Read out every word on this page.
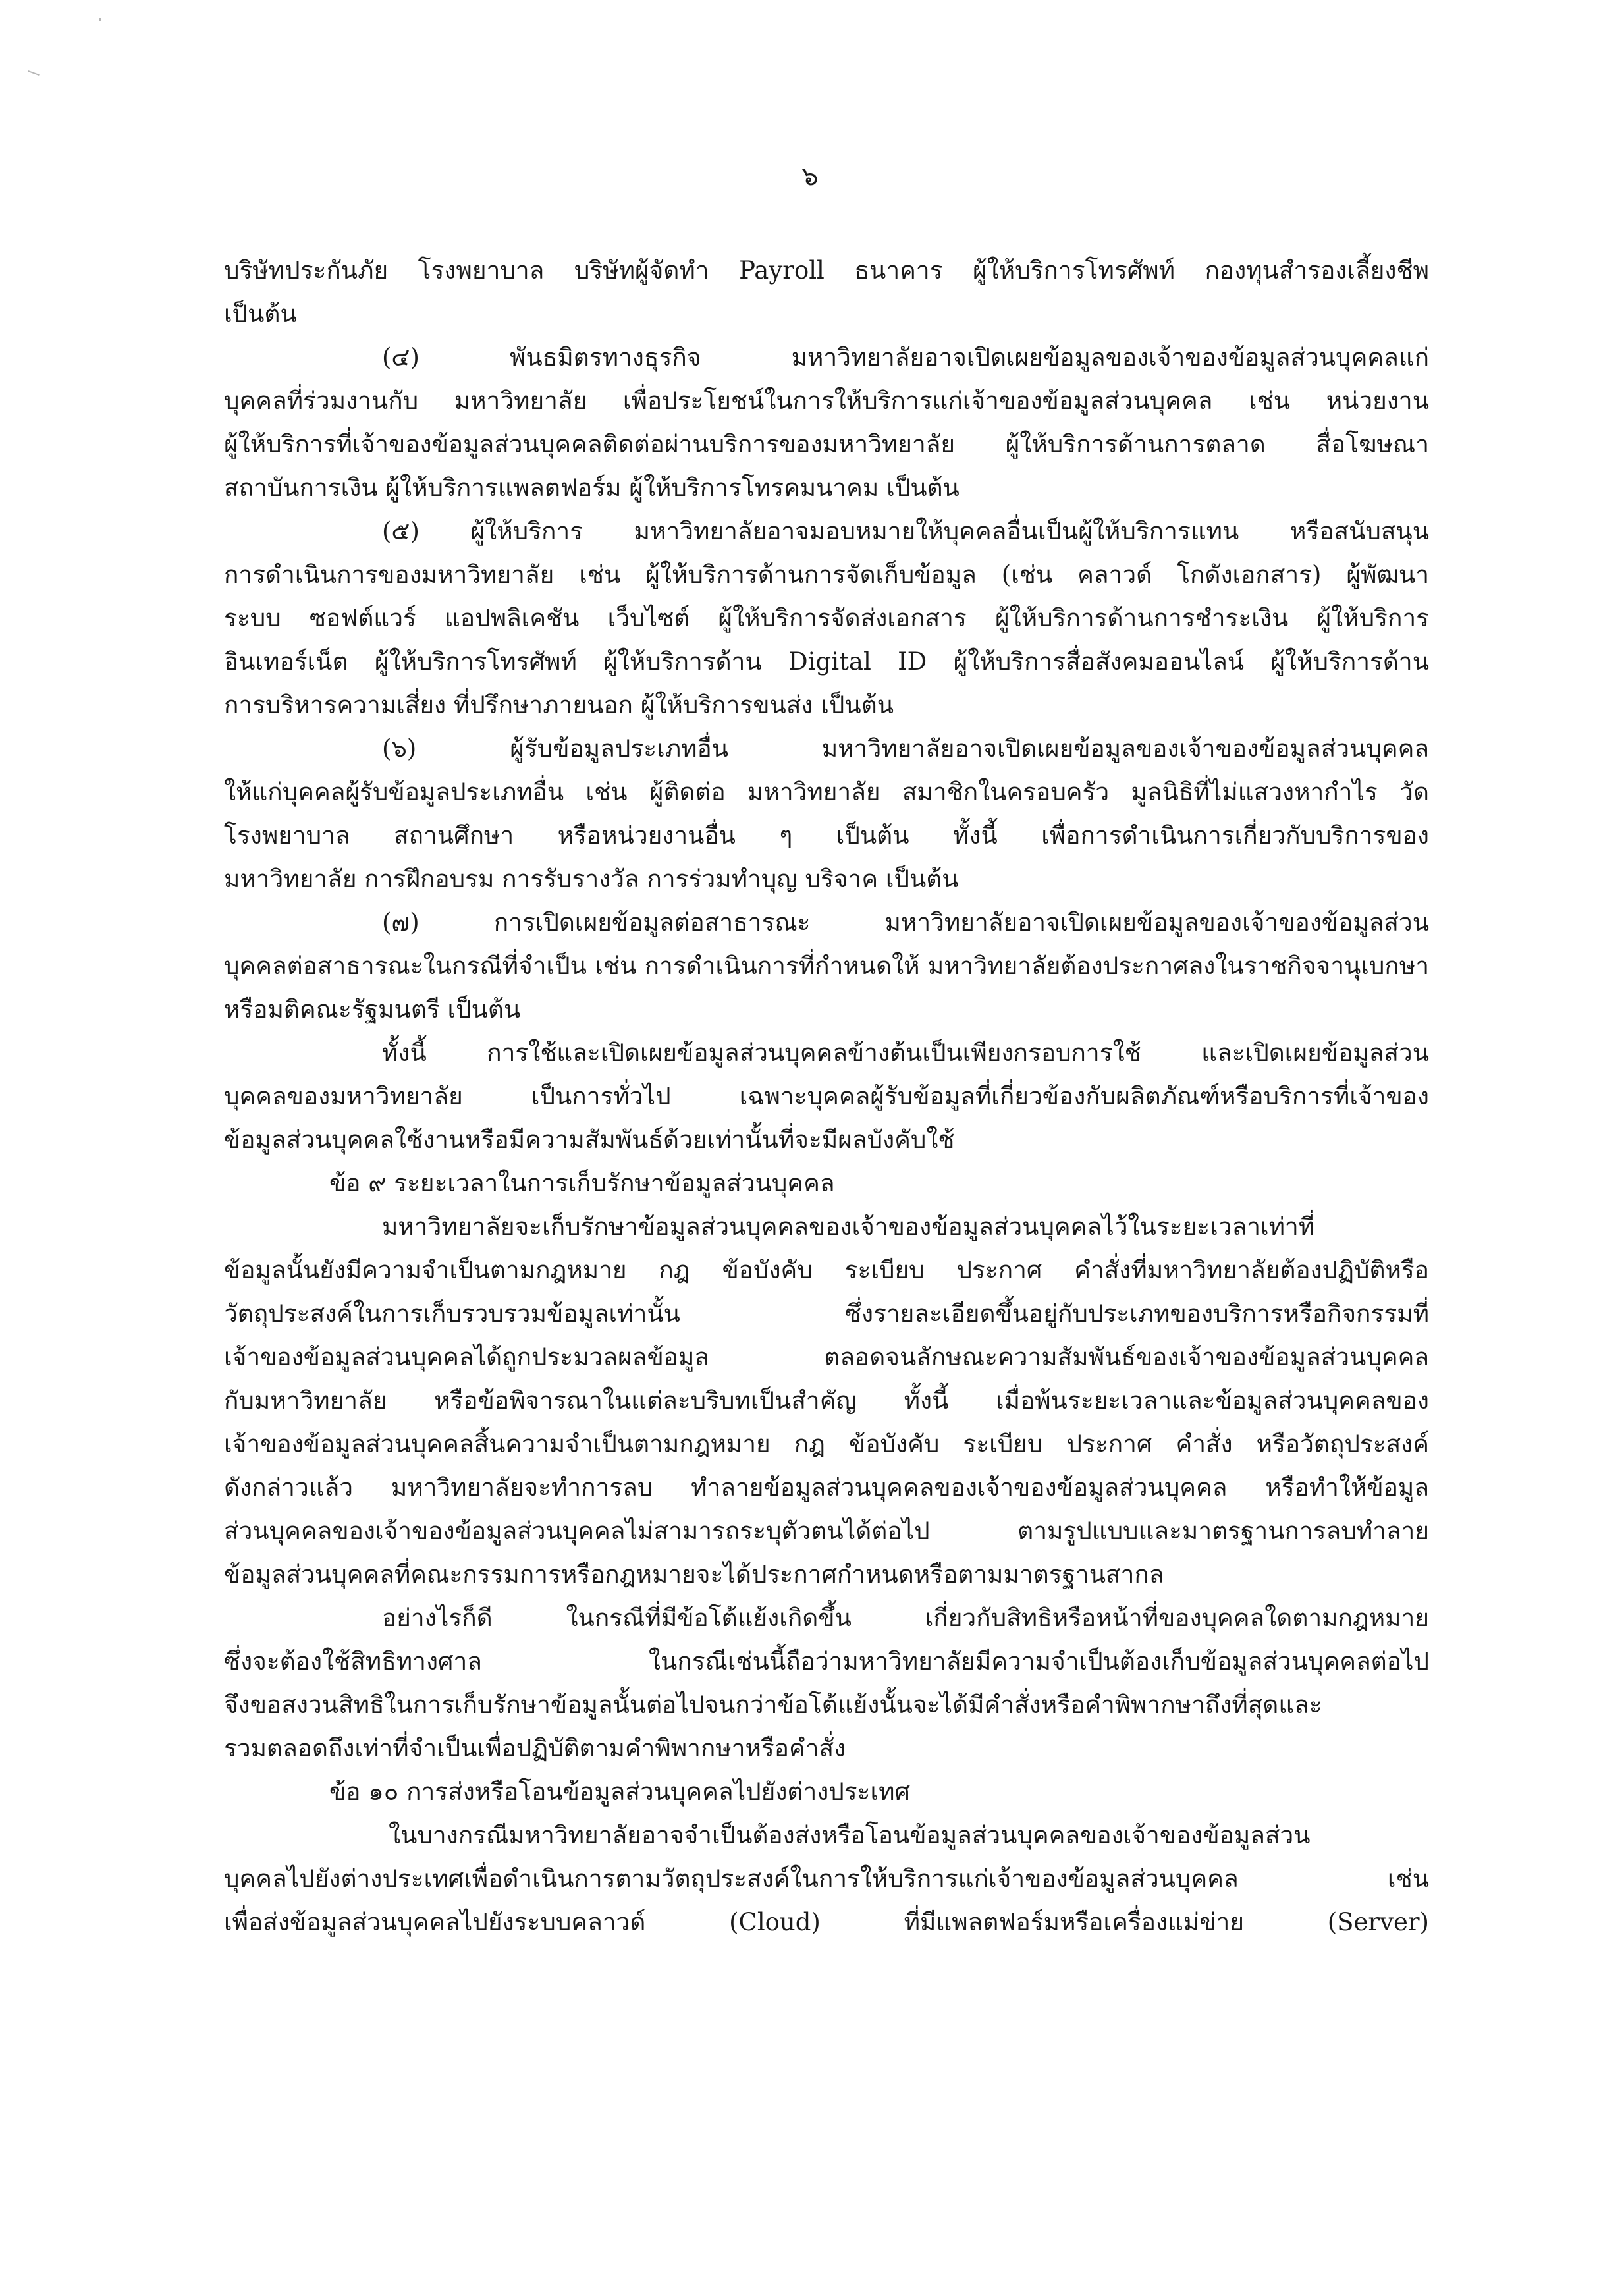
๖
บริษัทประกันภัย โรงพยาบาล บริษัทผู้จัดทำ Payroll ธนาคาร ผู้ให้บริการโทรศัพท์ กองทุนสำรองเลี้ยงชีพ
เป็นต้น
(๔) พันธมิตรทางธุรกิจ มหาวิทยาลัยอาจเปิดเผยข้อมูลของเจ้าของข้อมูลส่วนบุคคลแก่
บุคคลที่ร่วมงานกับ มหาวิทยาลัย เพื่อประโยชน์ในการให้บริการแก่เจ้าของข้อมูลส่วนบุคคล เช่น หน่วยงาน
ผู้ให้บริการที่เจ้าของข้อมูลส่วนบุคคลติดต่อผ่านบริการของมหาวิทยาลัย ผู้ให้บริการด้านการตลาด สื่อโฆษณา
สถาบันการเงิน ผู้ให้บริการแพลตฟอร์ม ผู้ให้บริการโทรคมนาคม เป็นต้น
(๕) ผู้ให้บริการ มหาวิทยาลัยอาจมอบหมายให้บุคคลอื่นเป็นผู้ให้บริการแทน หรือสนับสนุน
การดำเนินการของมหาวิทยาลัย เช่น ผู้ให้บริการด้านการจัดเก็บข้อมูล (เช่น คลาวด์ โกดังเอกสาร) ผู้พัฒนา
ระบบ ซอฟต์แวร์ แอปพลิเคชัน เว็บไซต์ ผู้ให้บริการจัดส่งเอกสาร ผู้ให้บริการด้านการชำระเงิน ผู้ให้บริการ
อินเทอร์เน็ต ผู้ให้บริการโทรศัพท์ ผู้ให้บริการด้าน Digital ID ผู้ให้บริการสื่อสังคมออนไลน์ ผู้ให้บริการด้าน
การบริหารความเสี่ยง ที่ปรึกษาภายนอก ผู้ให้บริการขนส่ง เป็นต้น
(๖) ผู้รับข้อมูลประเภทอื่น มหาวิทยาลัยอาจเปิดเผยข้อมูลของเจ้าของข้อมูลส่วนบุคคล
ให้แก่บุคคลผู้รับข้อมูลประเภทอื่น เช่น ผู้ติดต่อ มหาวิทยาลัย สมาชิกในครอบครัว มูลนิธิที่ไม่แสวงหากำไร วัด
โรงพยาบาล สถานศึกษา หรือหน่วยงานอื่น ๆ เป็นต้น ทั้งนี้ เพื่อการดำเนินการเกี่ยวกับบริการของ
มหาวิทยาลัย การฝึกอบรม การรับรางวัล การร่วมทำบุญ บริจาค เป็นต้น
(๗) การเปิดเผยข้อมูลต่อสาธารณะ มหาวิทยาลัยอาจเปิดเผยข้อมูลของเจ้าของข้อมูลส่วน
บุคคลต่อสาธารณะในกรณีที่จำเป็น เช่น การดำเนินการที่กำหนดให้ มหาวิทยาลัยต้องประกาศลงในราชกิจจานุเบกษา
หรือมติคณะรัฐมนตรี เป็นต้น
ทั้งนี้ การใช้และเปิดเผยข้อมูลส่วนบุคคลข้างต้นเป็นเพียงกรอบการใช้ และเปิดเผยข้อมูลส่วน
บุคคลของมหาวิทยาลัย เป็นการทั่วไป เฉพาะบุคคลผู้รับข้อมูลที่เกี่ยวข้องกับผลิตภัณฑ์หรือบริการที่เจ้าของ
ข้อมูลส่วนบุคคลใช้งานหรือมีความสัมพันธ์ด้วยเท่านั้นที่จะมีผลบังคับใช้
ข้อ ๙ ระยะเวลาในการเก็บรักษาข้อมูลส่วนบุคคล
มหาวิทยาลัยจะเก็บรักษาข้อมูลส่วนบุคคลของเจ้าของข้อมูลส่วนบุคคลไว้ในระยะเวลาเท่าที่
ข้อมูลนั้นยังมีความจำเป็นตามกฎหมาย กฎ ข้อบังคับ ระเบียบ ประกาศ คำสั่งที่มหาวิทยาลัยต้องปฏิบัติหรือ
วัตถุประสงค์ในการเก็บรวบรวมข้อมูลเท่านั้น ซึ่งรายละเอียดขึ้นอยู่กับประเภทของบริการหรือกิจกรรมที่
เจ้าของข้อมูลส่วนบุคคลได้ถูกประมวลผลข้อมูล ตลอดจนลักษณะความสัมพันธ์ของเจ้าของข้อมูลส่วนบุคคล
กับมหาวิทยาลัย หรือข้อพิจารณาในแต่ละบริบทเป็นสำคัญ ทั้งนี้ เมื่อพ้นระยะเวลาและข้อมูลส่วนบุคคลของ
เจ้าของข้อมูลส่วนบุคคลสิ้นความจำเป็นตามกฎหมาย กฎ ข้อบังคับ ระเบียบ ประกาศ คำสั่ง หรือวัตถุประสงค์
ดังกล่าวแล้ว มหาวิทยาลัยจะทำการลบ ทำลายข้อมูลส่วนบุคคลของเจ้าของข้อมูลส่วนบุคคล หรือทำให้ข้อมูล
ส่วนบุคคลของเจ้าของข้อมูลส่วนบุคคลไม่สามารถระบุตัวตนได้ต่อไป ตามรูปแบบและมาตรฐานการลบทำลาย
ข้อมูลส่วนบุคคลที่คณะกรรมการหรือกฎหมายจะได้ประกาศกำหนดหรือตามมาตรฐานสากล
อย่างไรก็ดี ในกรณีที่มีข้อโต้แย้งเกิดขึ้น เกี่ยวกับสิทธิหรือหน้าที่ของบุคคลใดตามกฎหมาย
ซึ่งจะต้องใช้สิทธิทางศาล ในกรณีเช่นนี้ถือว่ามหาวิทยาลัยมีความจำเป็นต้องเก็บข้อมูลส่วนบุคคลต่อไป
จึงขอสงวนสิทธิในการเก็บรักษาข้อมูลนั้นต่อไปจนกว่าข้อโต้แย้งนั้นจะได้มีคำสั่งหรือคำพิพากษาถึงที่สุดและ
รวมตลอดถึงเท่าที่จำเป็นเพื่อปฏิบัติตามคำพิพากษาหรือคำสั่ง
ข้อ ๑๐ การส่งหรือโอนข้อมูลส่วนบุคคลไปยังต่างประเทศ
ในบางกรณีมหาวิทยาลัยอาจจำเป็นต้องส่งหรือโอนข้อมูลส่วนบุคคลของเจ้าของข้อมูลส่วน
บุคคลไปยังต่างประเทศเพื่อดำเนินการตามวัตถุประสงค์ในการให้บริการแก่เจ้าของข้อมูลส่วนบุคคล เช่น
เพื่อส่งข้อมูลส่วนบุคคลไปยังระบบคลาวด์ (Cloud) ที่มีแพลตฟอร์มหรือเครื่องแม่ข่าย (Server)
